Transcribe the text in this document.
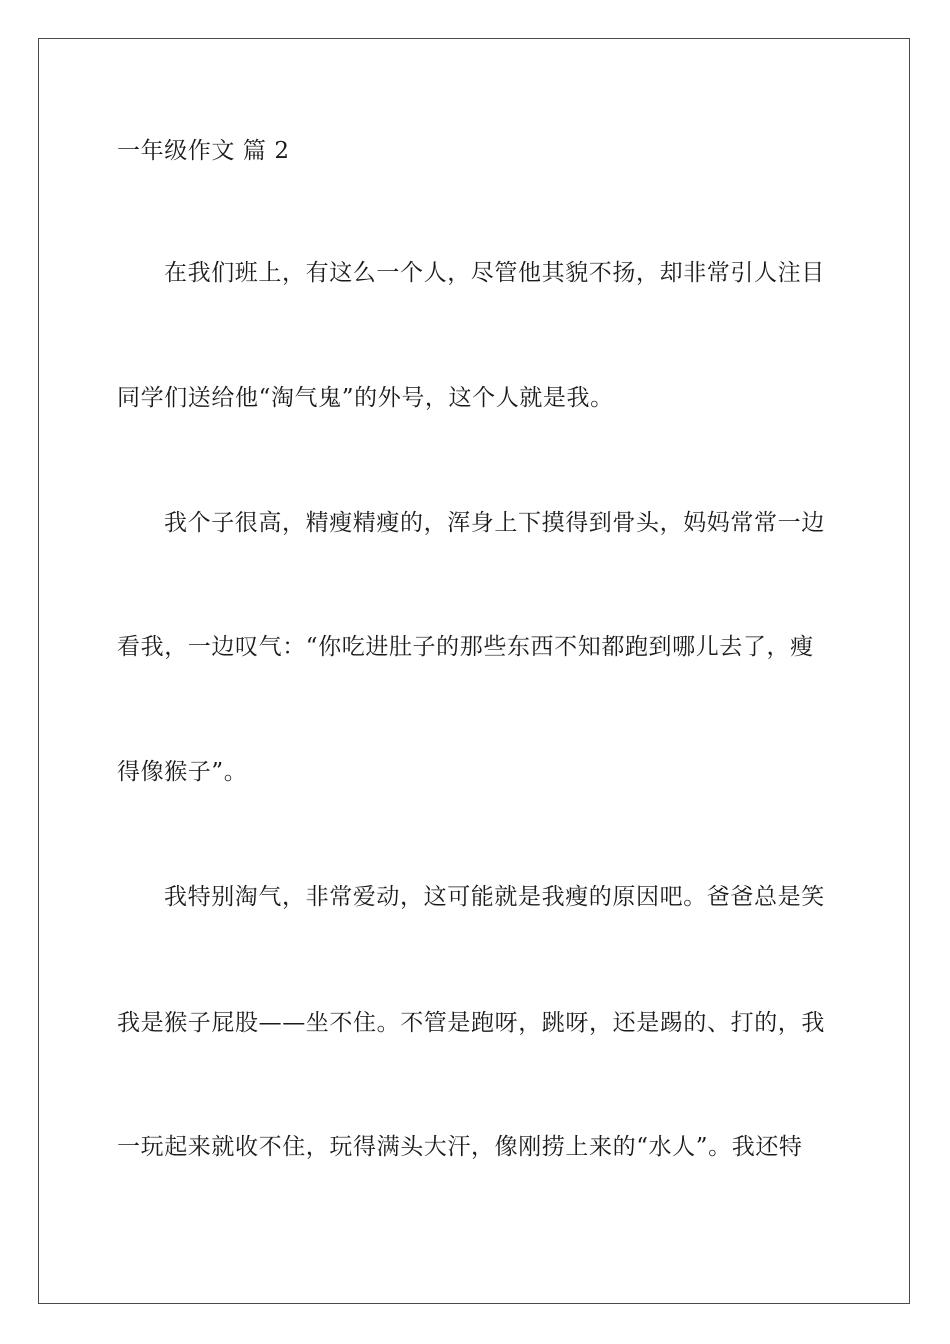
一年级作文 篇 2
在我们班上，有这么一个人，尽管他其貌不扬，却非常引人注目
同学们送给他“淘气鬼”的外号，这个人就是我。
我个子很高，精瘦精瘦的，浑身上下摸得到骨头，妈妈常常一边
看我，一边叹气：“你吃进肚子的那些东西不知都跑到哪儿去了，瘦
得像猴子”。
我特别淘气，非常爱动，这可能就是我瘦的原因吧。爸爸总是笑
我是猴子屁股——坐不住。不管是跑呀，跳呀，还是踢的、打的，我
一玩起来就收不住，玩得满头大汗，像刚捞上来的“水人”。我还特
